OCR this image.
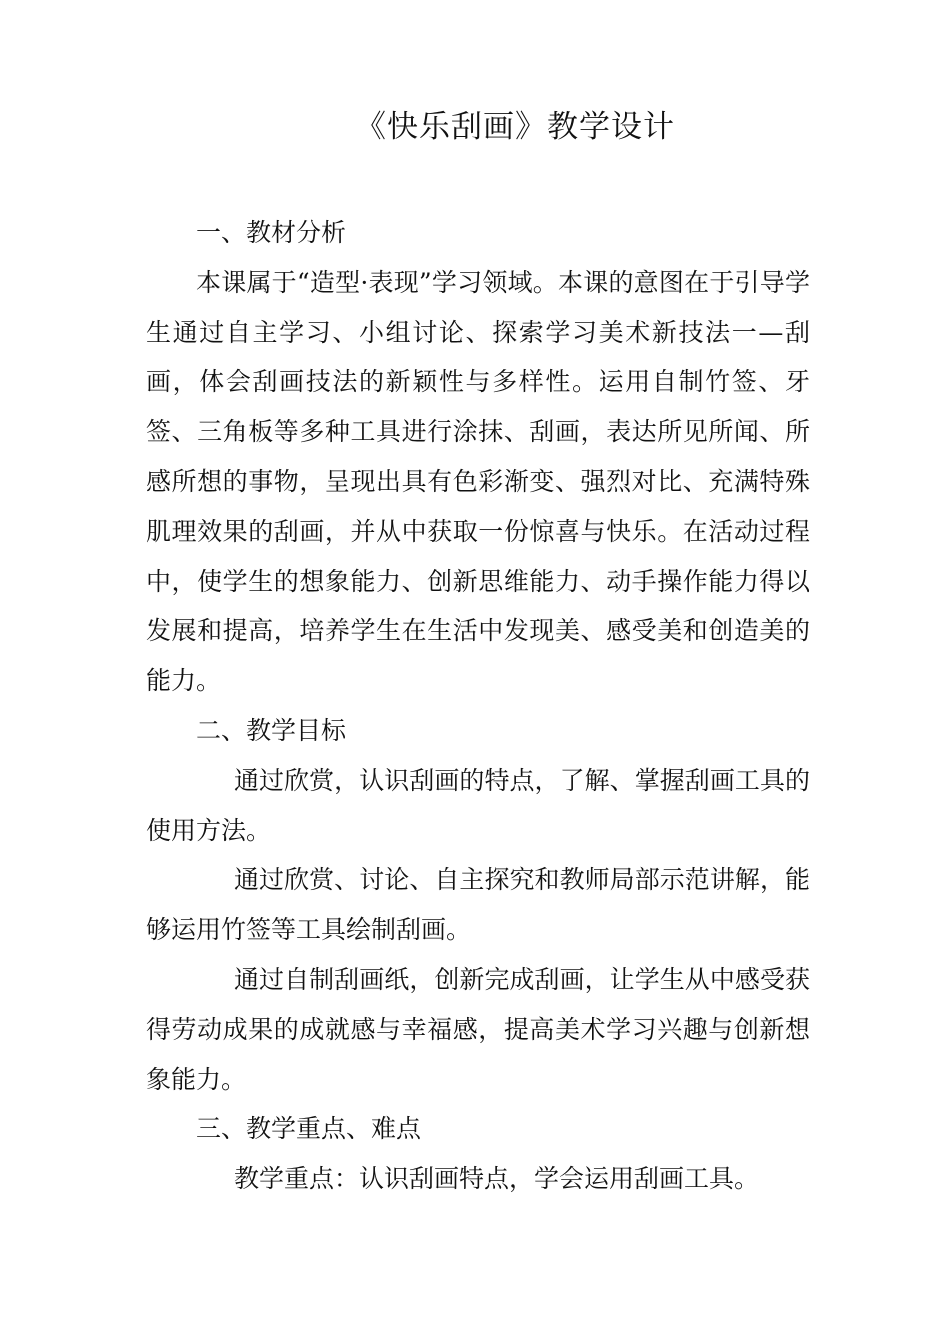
《快乐刮画》教学设计
一、教材分析

本课属于“造型·表现”学习领域。本课的意图在于引导学生通过自主学习、小组讨论、探索学习美术新技法一—刮画，体会刮画技法的新颖性与多样性。运用自制竹签、牙签、三角板等多种工具进行涂抹、刮画，表达所见所闻、所感所想的事物，呈现出具有色彩渐变、强烈对比、充满特殊肌理效果的刮画，并从中获取一份惊喜与快乐。在活动过程中，使学生的想象能力、创新思维能力、动手操作能力得以发展和提高，培养学生在生活中发现美、感受美和创造美的能力。

二、教学目标

通过欣赏，认识刮画的特点，了解、掌握刮画工具的使用方法。

通过欣赏、讨论、自主探究和教师局部示范讲解，能够运用竹签等工具绘制刮画。

通过自制刮画纸，创新完成刮画，让学生从中感受获得劳动成果的成就感与幸福感，提高美术学习兴趣与创新想象能力。

三、教学重点、难点

教学重点：认识刮画特点，学会运用刮画工具。
